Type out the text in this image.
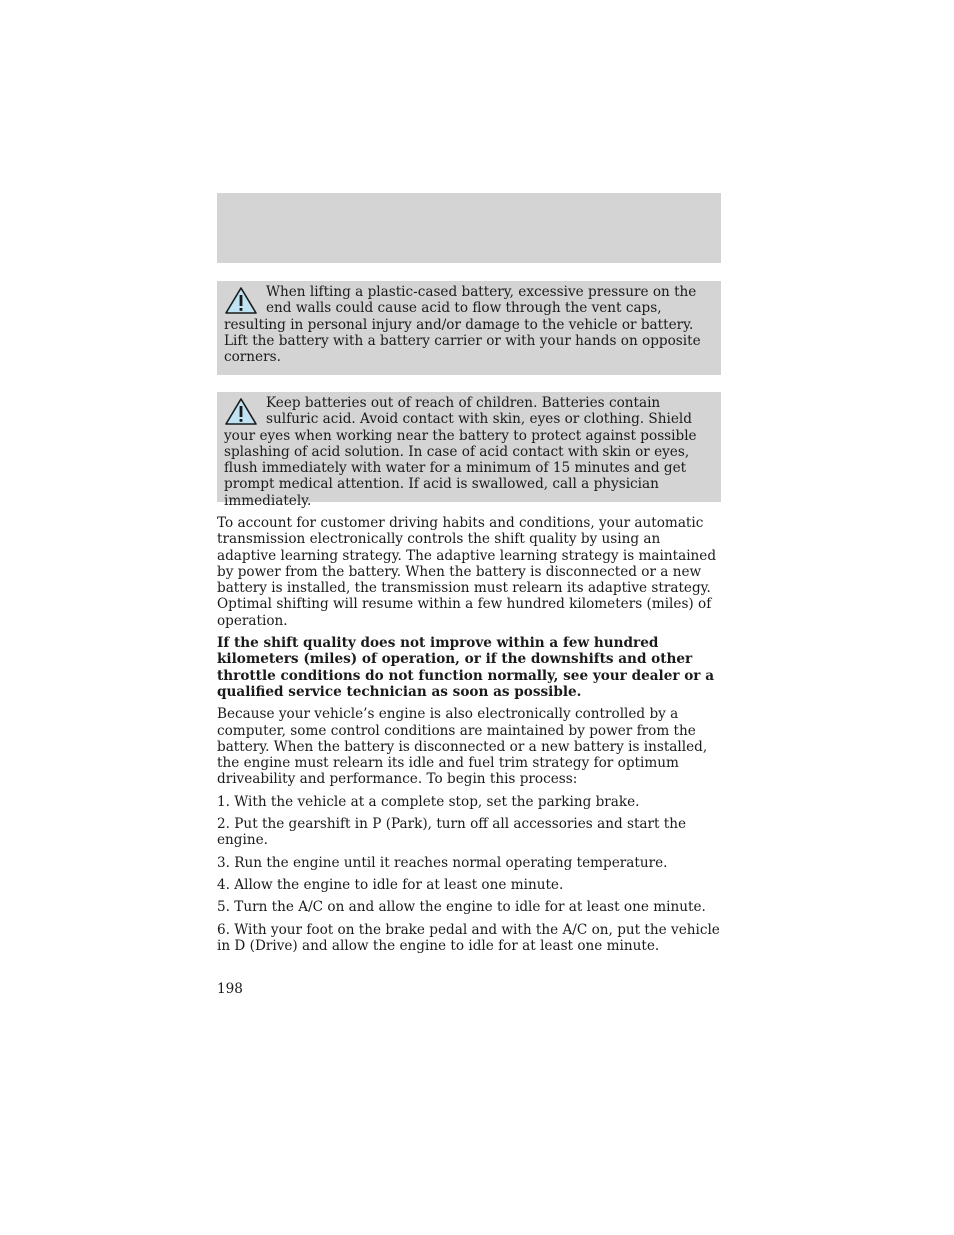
When lifting a plastic-cased battery, excessive pressure on the end walls could cause acid to flow through the vent caps, resulting in personal injury and/or damage to the vehicle or battery. Lift the battery with a battery carrier or with your hands on opposite corners.

Keep batteries out of reach of children. Batteries contain sulfuric acid. Avoid contact with skin, eyes or clothing. Shield your eyes when working near the battery to protect against possible splashing of acid solution. In case of acid contact with skin or eyes, flush immediately with water for a minimum of 15 minutes and get prompt medical attention. If acid is swallowed, call a physician immediately.

To account for customer driving habits and conditions, your automatic transmission electronically controls the shift quality by using an adaptive learning strategy. The adaptive learning strategy is maintained by power from the battery. When the battery is disconnected or a new battery is installed, the transmission must relearn its adaptive strategy. Optimal shifting will resume within a few hundred kilometers (miles) of operation.

If the shift quality does not improve within a few hundred kilometers (miles) of operation, or if the downshifts and other throttle conditions do not function normally, see your dealer or a qualified service technician as soon as possible.

Because your vehicle’s engine is also electronically controlled by a computer, some control conditions are maintained by power from the battery. When the battery is disconnected or a new battery is installed, the engine must relearn its idle and fuel trim strategy for optimum driveability and performance. To begin this process:

1. With the vehicle at a complete stop, set the parking brake.

2. Put the gearshift in P (Park), turn off all accessories and start the engine.

3. Run the engine until it reaches normal operating temperature.

4. Allow the engine to idle for at least one minute.

5. Turn the A/C on and allow the engine to idle for at least one minute.

6. With your foot on the brake pedal and with the A/C on, put the vehicle in D (Drive) and allow the engine to idle for at least one minute.

198
